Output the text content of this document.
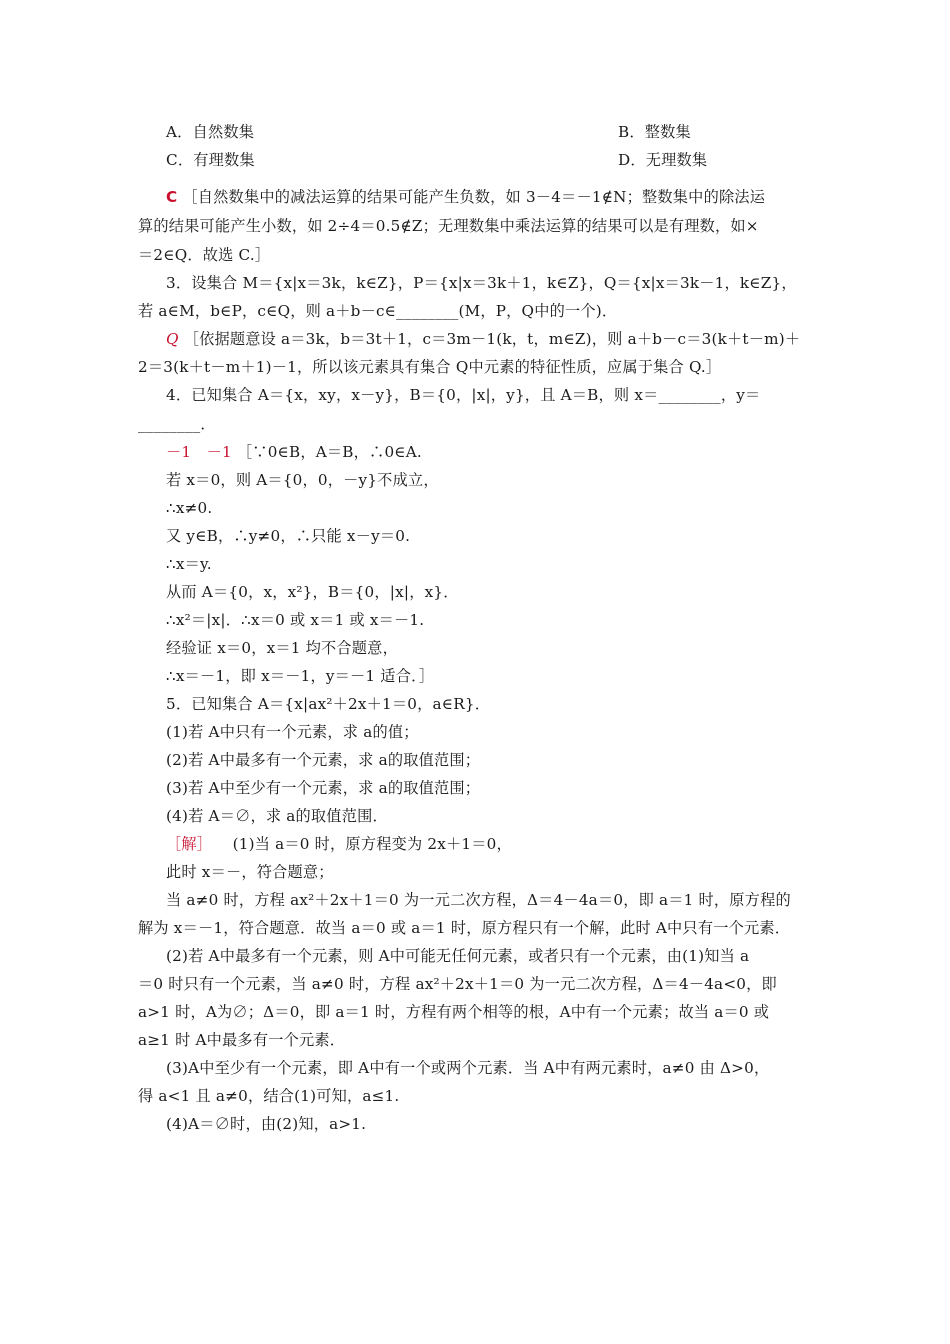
A．自然数集	B．整数集
C．有理数集	D．无理数集
C ［自然数集中的减法运算的结果可能产生负数，如 3－4＝－1∉N；整数集中的除法运
算的结果可能产生小数，如 2÷4＝0.5∉Z；无理数集中乘法运算的结果可以是有理数，如×
＝2∈Q．故选 C.］
3．设集合 M＝{x|x＝3k，k∈Z}，P＝{x|x＝3k＋1，k∈Z}，Q＝{x|x＝3k－1，k∈Z}，
若 a∈M，b∈P，c∈Q，则 a＋b－c∈________(M，P，Q中的一个)．
Q ［依据题意设 a＝3k，b＝3t＋1，c＝3m－1(k，t，m∈Z)，则 a＋b－c＝3(k＋t－m)＋
2＝3(k＋t－m＋1)－1，所以该元素具有集合 Q中元素的特征性质，应属于集合 Q.］
4．已知集合 A＝{x，xy，x－y}，B＝{0，|x|，y}，且 A＝B，则 x＝________，y＝
________．
－1　－1 ［∵0∈B，A＝B，∴0∈A.
若 x＝0，则 A＝{0，0，－y}不成立，
∴x≠0.
又 y∈B，∴y≠0，∴只能 x－y＝0.
∴x＝y.
从而 A＝{0，x，x²}，B＝{0，|x|，x}．
∴x²＝|x|．∴x＝0 或 x＝1 或 x＝－1.
经验证 x＝0，x＝1 均不合题意，
∴x＝－1，即 x＝－1，y＝－1 适合．］
5．已知集合 A＝{x|ax²＋2x＋1＝0，a∈R}．
(1)若 A中只有一个元素，求 a的值；
(2)若 A中最多有一个元素，求 a的取值范围；
(3)若 A中至少有一个元素，求 a的取值范围；
(4)若 A＝∅，求 a的取值范围．
［解］ 　(1)当 a＝0 时，原方程变为 2x＋1＝0，
此时 x＝－，符合题意；
当 a≠0 时，方程 ax²＋2x＋1＝0 为一元二次方程，Δ＝4－4a＝0，即 a＝1 时，原方程的
解为 x＝－1，符合题意．故当 a＝0 或 a＝1 时，原方程只有一个解，此时 A中只有一个元素．
(2)若 A中最多有一个元素，则 A中可能无任何元素，或者只有一个元素，由(1)知当 a
＝0 时只有一个元素，当 a≠0 时，方程 ax²＋2x＋1＝0 为一元二次方程，Δ＝4－4a<0，即
a>1 时，A为∅；Δ＝0，即 a＝1 时，方程有两个相等的根，A中有一个元素；故当 a＝0 或
a≥1 时 A中最多有一个元素．
(3)A中至少有一个元素，即 A中有一个或两个元素．当 A中有两元素时，a≠0 由 Δ>0，
得 a<1 且 a≠0，结合(1)可知，a≤1.
(4)A＝∅时，由(2)知，a>1.
